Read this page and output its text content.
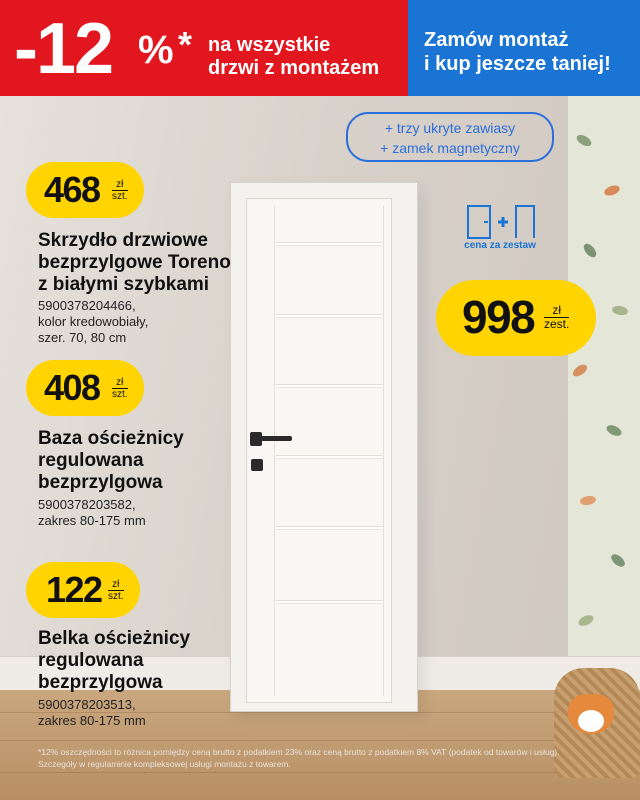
-12 % * na wszystkie
drzwi z montażem
Zamów montaż
i kup jeszcze taniej!
+ trzy ukryte zawiasy
+ zamek magnetyczny
cena za zestaw
998	zł
zest.
468	zł
szt.
Skrzydło drzwiowe
bezprzylgowe Toreno
z białymi szybkami
5900378204466,
kolor kredowobiały,
szer. 70, 80 cm
408	zł
szt.
Baza ościeżnicy
regulowana
bezprzylgowa
5900378203582,
zakres 80-175 mm
122	zł
szt.
Belka ościeżnicy
regulowana
bezprzylgowa
5900378203513,
zakres 80-175 mm
*12% oszczędności to różnica pomiędzy ceną brutto z podatkiem 23% oraz ceną brutto z podatkiem 8% VAT (podatek od towarów i usług).
Szczegóły w regulaminie kompleksowej usługi montażu z towarem.
